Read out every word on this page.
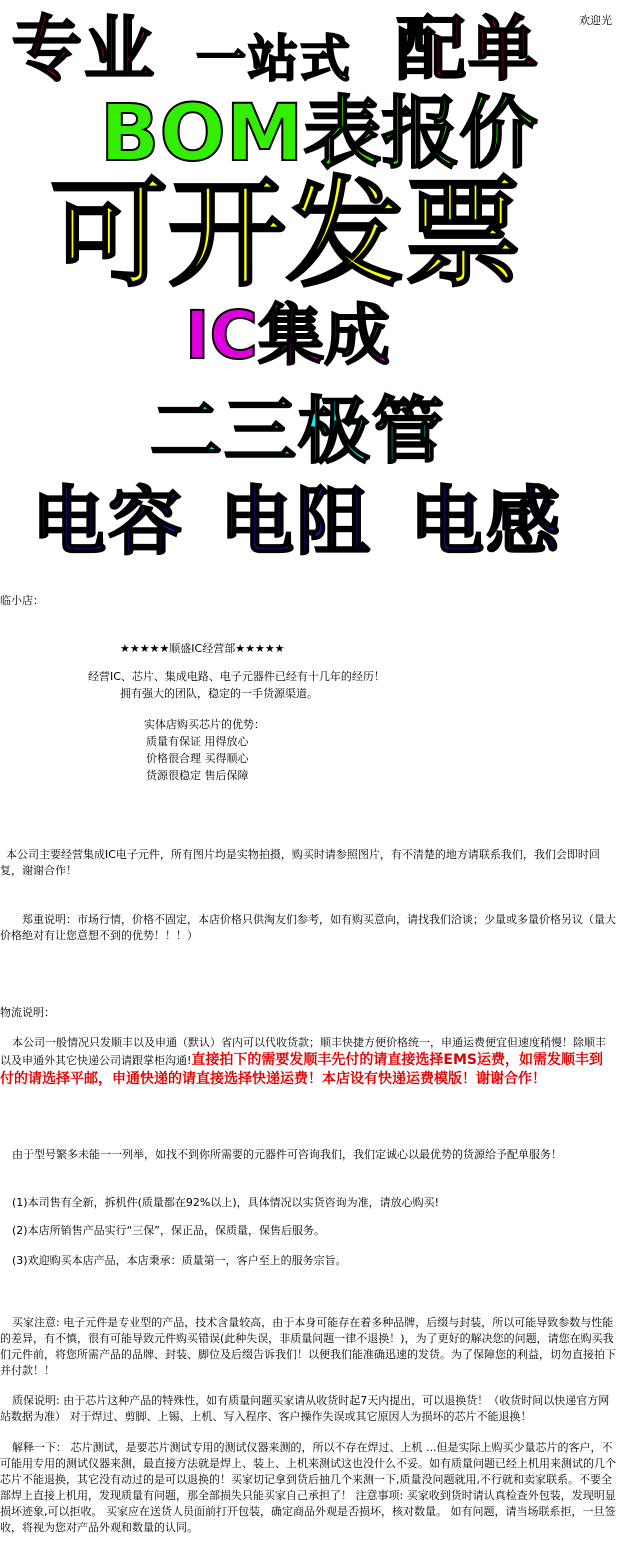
欢迎光
专业 一站式 配单
BOM表报价
可开发票
IC集成
二三极管
电容 电阻 电感
临小店：
★★★★★顺盛IC经营部★★★★★
经营IC、芯片、集成电路、电子元器件已经有十几年的经历！
拥有强大的团队，稳定的一手货源渠道。
实体店购买芯片的优势：
质量有保证 用得放心
价格很合理 买得顺心
货源很稳定 售后保障
本公司主要经营集成IC电子元件，所有图片均是实物拍摄，购买时请参照图片，有不清楚的地方请联系我们，我们会即时回复，谢谢合作！
郑重说明：市场行情，价格不固定，本店价格只供淘友们参考，如有购买意向，请找我们洽谈；少量或多量价格另议（量大价格绝对有让您意想不到的优势！！！）
物流说明：
本公司一般情况只发顺丰以及申通（默认）省内可以代收货款；顺丰快捷方便价格统一，申通运费便宜但速度稍慢！除顺丰以及申通外其它快递公司请跟掌柜沟通!直接拍下的需要发顺丰先付的请直接选择EMS运费，如需发顺丰到付的请选择平邮，申通快递的请直接选择快递运费！本店设有快递运费模版！谢谢合作！
由于型号繁多未能一一列举，如找不到你所需要的元器件可咨询我们，我们定诚心以最优势的货源给予配单服务！
(1)本司售有全新，拆机件(质量都在92%以上)，具体情况以实货咨询为准，请放心购买!
(2)本店所销售产品实行“三保”，保正品，保质量，保售后服务。
(3)欢迎购买本店产品，本店秉承：质量第一，客户至上的服务宗旨。
买家注意: 电子元件是专业型的产品，技术含量较高，由于本身可能存在着多种品牌，后缀与封装，所以可能导致参数与性能的差异，有不慎，很有可能导致元件购买错误(此种失误，非质量问题一律不退换！)，为了更好的解决您的问题，请您在购买我们元件前，将您所需产品的品牌、封装、脚位及后缀告诉我们！以便我们能准确迅速的发货。为了保障您的利益，切勿直接拍下并付款！！
质保说明: 由于芯片这种产品的特殊性，如有质量问题买家请从收货时起7天内提出，可以退换货！（收货时间以快递官方网站数据为准） 对于焊过、剪脚、上锡、上机、写入程序、客户操作失误或其它原因人为损坏的芯片不能退换！
解释一下： 芯片测试，是要芯片测试专用的测试仪器来测的，所以不存在焊过、上机 ...但是实际上购买少量芯片的客户，不可能用专用的测试仪器来测，最直接方法就是焊上、装上、上机来测试这也没什么不妥。如有质量问题已经上机用来测试的几个芯片不能退换，其它没有动过的是可以退换的！买家切记拿到货后抽几个来测一下,质量没问题就用,不行就和卖家联系。不要全部焊上直接上机用，发现质量有问题，那全部损失只能买家自己承担了！ 注意事项: 买家收到货时请认真检查外包装，发现明显损坏迹象,可以拒收。 买家应在送货人员面前打开包装，确定商品外观是否损坏，核对数量。 如有问题，请当场联系拒，一旦签收，将视为您对产品外观和数量的认同。
